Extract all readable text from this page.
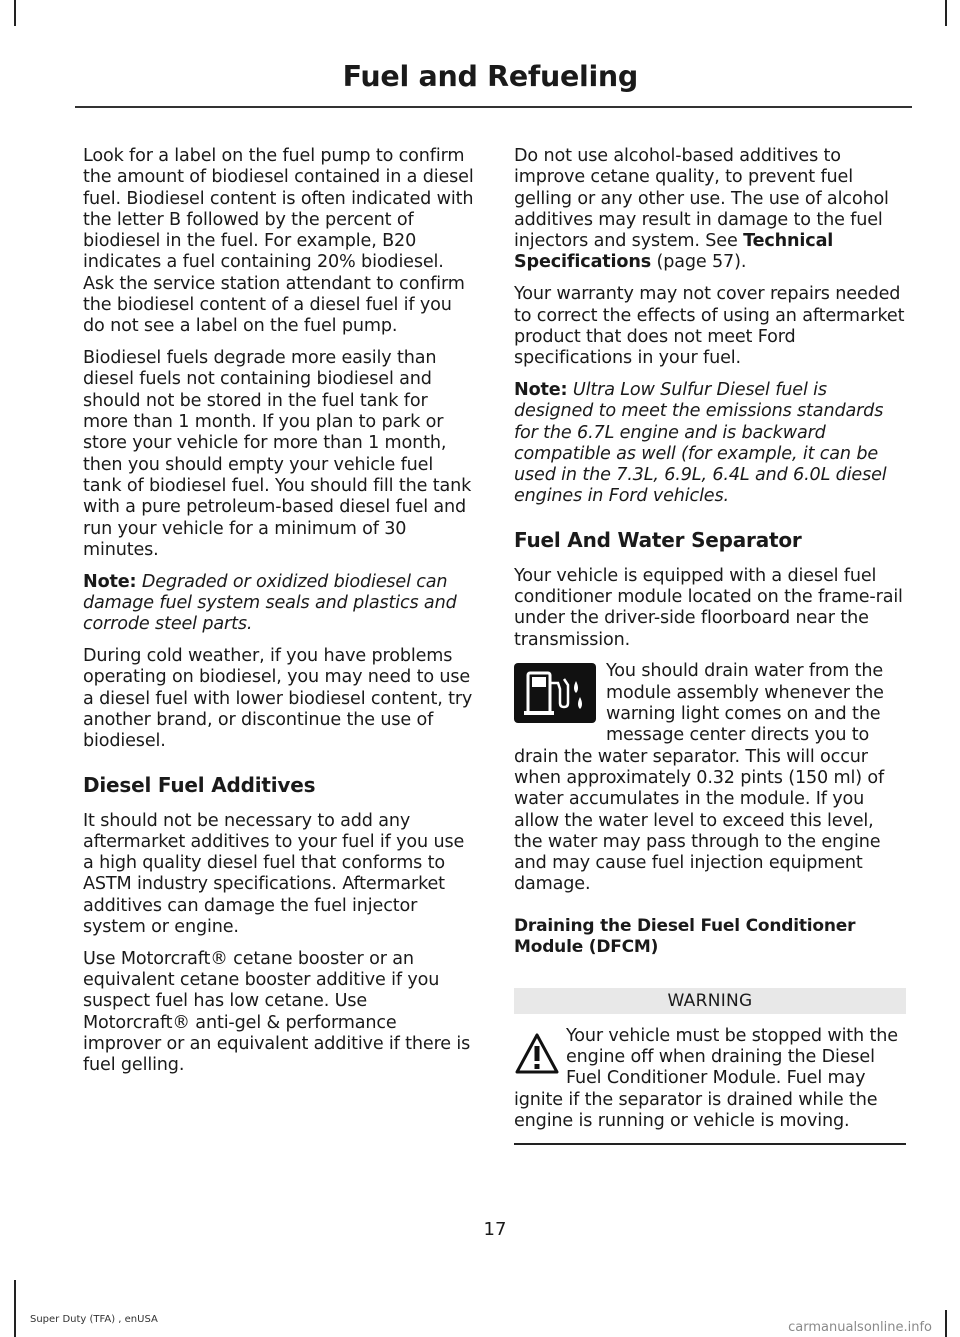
Fuel and Refueling

Look for a label on the fuel pump to confirm the amount of biodiesel contained in a diesel fuel. Biodiesel content is often indicated with the letter B followed by the percent of biodiesel in the fuel. For example, B20 indicates a fuel containing 20% biodiesel. Ask the service station attendant to confirm the biodiesel content of a diesel fuel if you do not see a label on the fuel pump.

Biodiesel fuels degrade more easily than diesel fuels not containing biodiesel and should not be stored in the fuel tank for more than 1 month. If you plan to park or store your vehicle for more than 1 month, then you should empty your vehicle fuel tank of biodiesel fuel. You should fill the tank with a pure petroleum-based diesel fuel and run your vehicle for a minimum of 30 minutes.

Note: Degraded or oxidized biodiesel can damage fuel system seals and plastics and corrode steel parts.

During cold weather, if you have problems operating on biodiesel, you may need to use a diesel fuel with lower biodiesel content, try another brand, or discontinue the use of biodiesel.

Diesel Fuel Additives

It should not be necessary to add any aftermarket additives to your fuel if you use a high quality diesel fuel that conforms to ASTM industry specifications. Aftermarket additives can damage the fuel injector system or engine.

Use Motorcraft® cetane booster or an equivalent cetane booster additive if you suspect fuel has low cetane. Use Motorcraft® anti-gel & performance improver or an equivalent additive if there is fuel gelling.

Do not use alcohol-based additives to improve cetane quality, to prevent fuel gelling or any other use. The use of alcohol additives may result in damage to the fuel injectors and system. See Technical Specifications (page 57).

Your warranty may not cover repairs needed to correct the effects of using an aftermarket product that does not meet Ford specifications in your fuel.

Note: Ultra Low Sulfur Diesel fuel is designed to meet the emissions standards for the 6.7L engine and is backward compatible as well (for example, it can be used in the 7.3L, 6.9L, 6.4L and 6.0L diesel engines in Ford vehicles.

Fuel And Water Separator

Your vehicle is equipped with a diesel fuel conditioner module located on the frame-rail under the driver-side floorboard near the transmission.

You should drain water from the module assembly whenever the warning light comes on and the message center directs you to drain the water separator. This will occur when approximately 0.32 pints (150 ml) of water accumulates in the module. If you allow the water level to exceed this level, the water may pass through to the engine and may cause fuel injection equipment damage.

Draining the Diesel Fuel Conditioner Module (DFCM)
WARNING

Your vehicle must be stopped with the engine off when draining the Diesel Fuel Conditioner Module. Fuel may ignite if the separator is drained while the engine is running or vehicle is moving.

17
Super Duty (TFA) , enUSA
carmanualsonline.info
